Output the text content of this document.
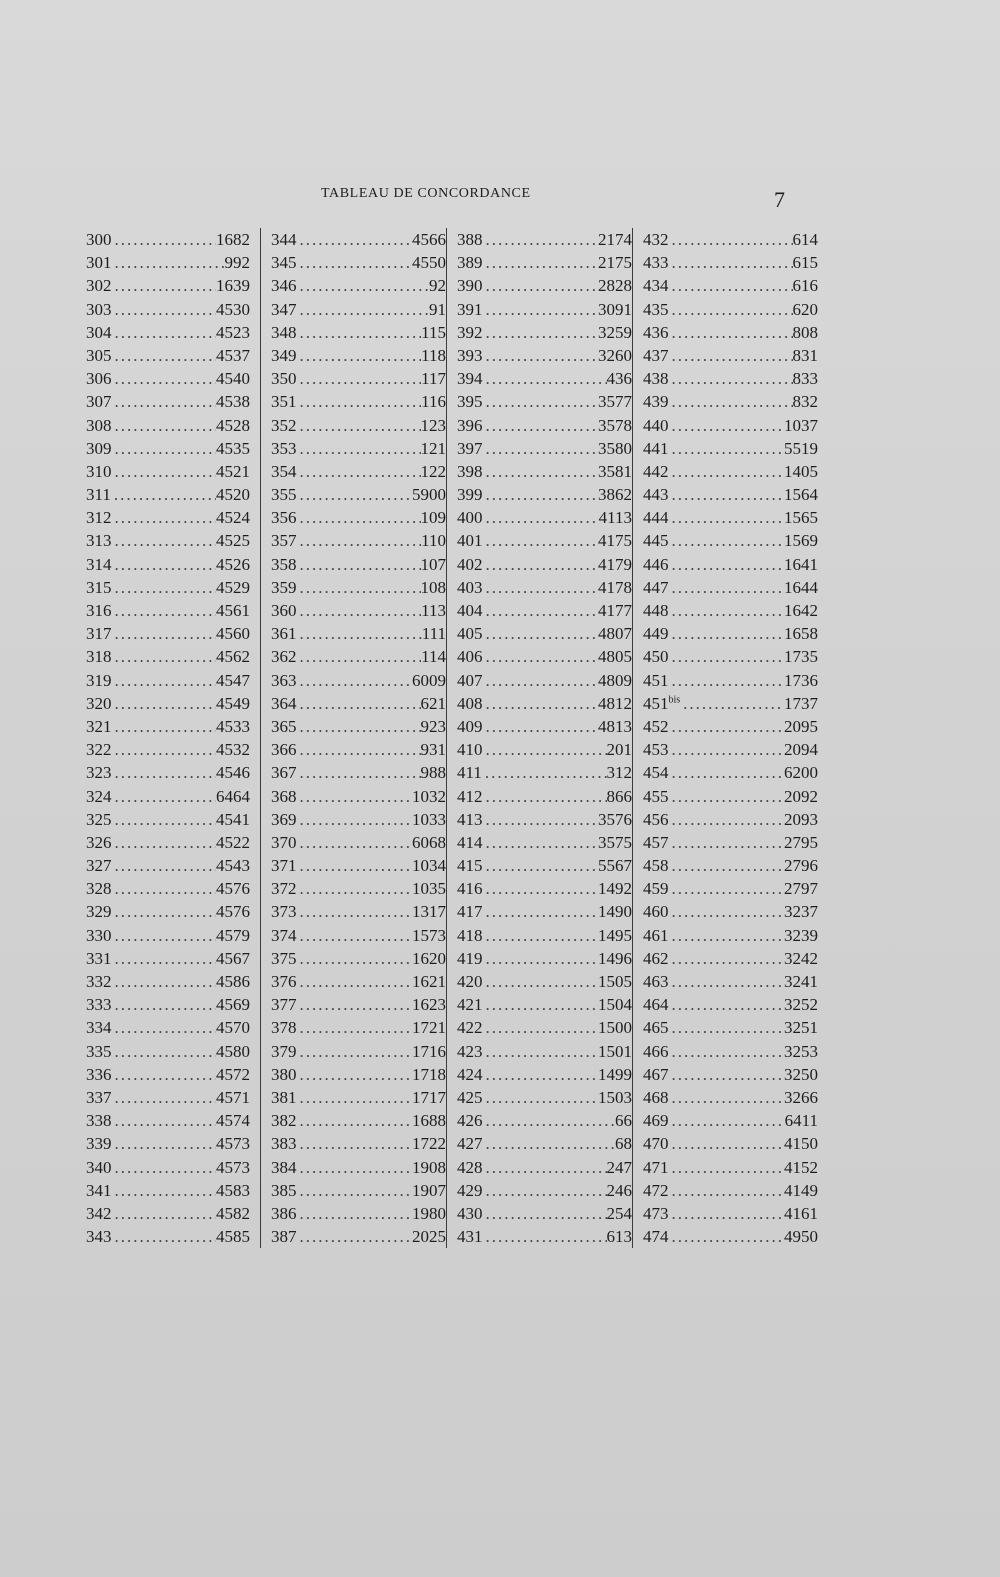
TABLEAU DE CONCORDANCE	7
300 .....	1682
301 .....	992
302 .....	1639
303 .....	4530
304 .....	4523
305 .....	4537
306 .....	4540
307 .....	4538
308 .....	4528
309 .....	4535
310 .....	4521
311 .....	4520
312 .....	4524
313 .....	4525
314 .....	4526
315 .....	4529
316 .....	4561
317 .....	4560
318 .....	4562
319 .....	4547
320 .....	4549
321 .....	4533
322 .....	4532
323 .....	4546
324 .....	6464
325 .....	4541
326 .....	4522
327 .....	4543
328 .....	4576
329 .....	4576
330 .....	4579
331 .....	4567
332 .....	4586
333 .....	4569
334 .....	4570
335 .....	4580
336 .....	4572
337 .....	4571
338 .....	4574
339 .....	4573
340 .....	4573
341 .....	4583
342 .....	4582
343 .....	4585
344 .....	4566
345 .....	4550
346 .....	92
347 .....	91
348 .....	115
349 .....	118
350 .....	117
351 .....	116
352 .....	123
353 .....	121
354 .....	122
355 .....	5900
356 .....	109
357 .....	110
358 .....	107
359 .....	108
360 .....	113
361 .....	111
362 .....	114
363 .....	6009
364 .....	621
365 .....	923
366 .....	931
367 .....	988
368 .....	1032
369 .....	1033
370 .....	6068
371 .....	1034
372 .....	1035
373 .....	1317
374 .....	1573
375 .....	1620
376 .....	1621
377 .....	1623
378 .....	1721
379 .....	1716
380 .....	1718
381 .....	1717
382 .....	1688
383 .....	1722
384 .....	1908
385 .....	1907
386 .....	1980
387 .....	2025
388 .....	2174
389 .....	2175
390 .....	2828
391 .....	3091
392 .....	3259
393 .....	3260
394 .....	436
395 .....	3577
396 .....	3578
397 .....	3580
398 .....	3581
399 .....	3862
400 .....	4113
401 .....	4175
402 .....	4179
403 .....	4178
404 .....	4177
405 .....	4807
406 .....	4805
407 .....	4809
408 .....	4812
409 .....	4813
410 .....	201
411 .....	312
412 .....	866
413 .....	3576
414 .....	3575
415 .....	5567
416 .....	1492
417 .....	1490
418 .....	1495
419 .....	1496
420 .....	1505
421 .....	1504
422 .....	1500
423 .....	1501
424 .....	1499
425 .....	1503
426 .....	66
427 .....	68
428 .....	247
429 .....	246
430 .....	254
431 .....	613
432 .....	614
433 .....	615
434 .....	616
435 .....	620
436 .....	808
437 .....	831
438 .....	833
439 .....	832
440 .....	1037
441 .....	5519
442 .....	1405
443 .....	1564
444 .....	1565
445 .....	1569
446 .....	1641
447 .....	1644
448 .....	1642
449 .....	1658
450 .....	1735
451 .....	1736
$451^{bis}$ .....	1737
452 .....	2095
453 .....	2094
454 .....	6200
455 .....	2092
456 .....	2093
457 .....	2795
458 .....	2796
459 .....	2797
460 .....	3237
461 .....	3239
462 .....	3242
463 .....	3241
464 .....	3252
465 .....	3251
466 .....	3253
467 .....	3250
468 .....	3266
469 .....	6411
470 .....	4150
471 .....	4152
472 .....	4149
473 .....	4161
474 .....	4950
